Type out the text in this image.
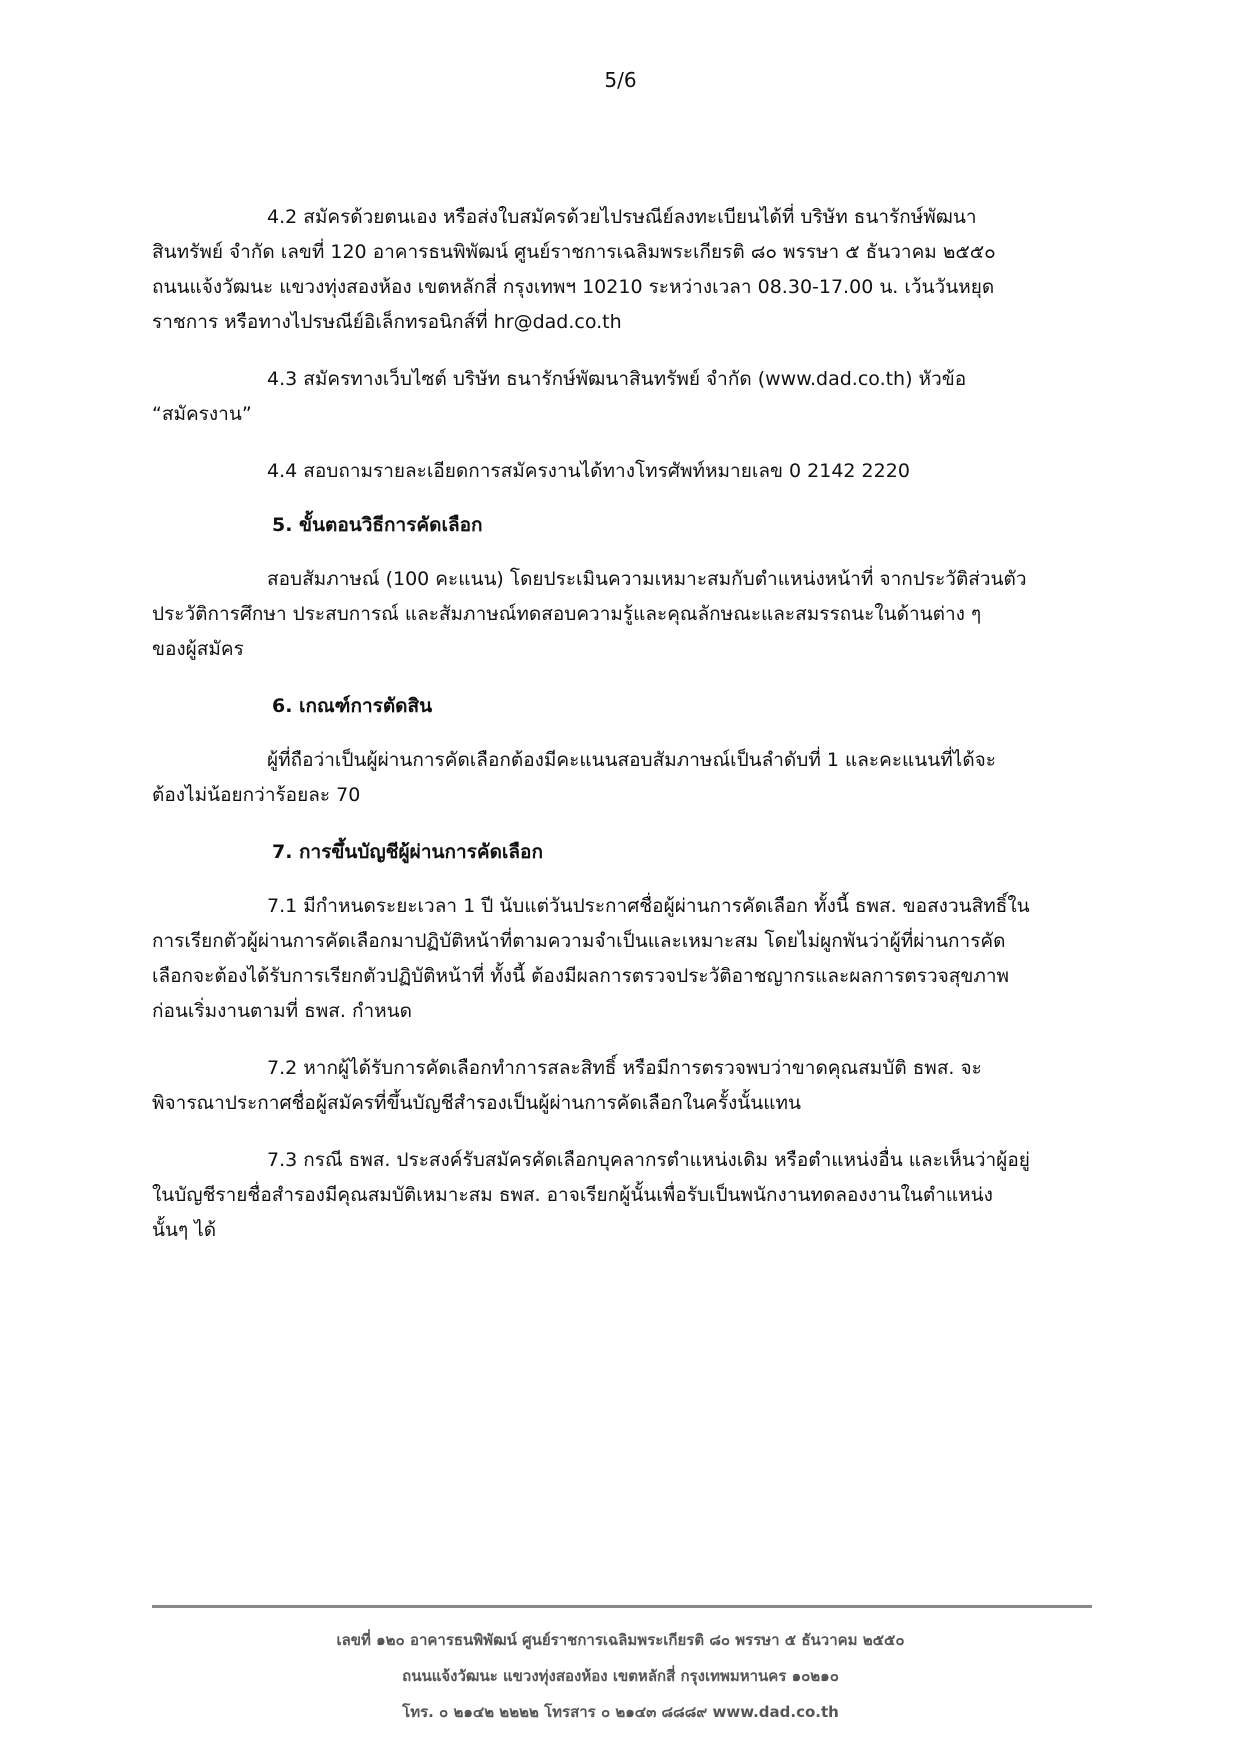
5/6

4.2 สมัครด้วยตนเอง หรือส่งใบสมัครด้วยไปรษณีย์ลงทะเบียนได้ที่ บริษัท ธนารักษ์พัฒนา

สินทรัพย์ จำกัด เลขที่ 120 อาคารธนพิพัฒน์ ศูนย์ราชการเฉลิมพระเกียรติ ๘๐ พรรษา ๕ ธันวาคม ๒๕๕๐

ถนนแจ้งวัฒนะ แขวงทุ่งสองห้อง เขตหลักสี่ กรุงเทพฯ 10210 ระหว่างเวลา 08.30-17.00 น. เว้นวันหยุด

ราชการ หรือทางไปรษณีย์อิเล็กทรอนิกส์ที่ hr@dad.co.th

4.3 สมัครทางเว็บไซต์ บริษัท ธนารักษ์พัฒนาสินทรัพย์ จำกัด (www.dad.co.th) หัวข้อ

“สมัครงาน”

4.4 สอบถามรายละเอียดการสมัครงานได้ทางโทรศัพท์หมายเลข 0 2142 2220

5. ขั้นตอนวิธีการคัดเลือก

สอบสัมภาษณ์ (100 คะแนน) โดยประเมินความเหมาะสมกับตำแหน่งหน้าที่ จากประวัติส่วนตัว

ประวัติการศึกษา ประสบการณ์ และสัมภาษณ์ทดสอบความรู้และคุณลักษณะและสมรรถนะในด้านต่าง ๆ

ของผู้สมัคร

6. เกณฑ์การตัดสิน

ผู้ที่ถือว่าเป็นผู้ผ่านการคัดเลือกต้องมีคะแนนสอบสัมภาษณ์เป็นลำดับที่ 1 และคะแนนที่ได้จะ

ต้องไม่น้อยกว่าร้อยละ 70

7. การขึ้นบัญชีผู้ผ่านการคัดเลือก

7.1 มีกำหนดระยะเวลา 1 ปี นับแต่วันประกาศชื่อผู้ผ่านการคัดเลือก ทั้งนี้ ธพส. ขอสงวนสิทธิ์ใน

การเรียกตัวผู้ผ่านการคัดเลือกมาปฏิบัติหน้าที่ตามความจำเป็นและเหมาะสม โดยไม่ผูกพันว่าผู้ที่ผ่านการคัด

เลือกจะต้องได้รับการเรียกตัวปฏิบัติหน้าที่ ทั้งนี้ ต้องมีผลการตรวจประวัติอาชญากรและผลการตรวจสุขภาพ

ก่อนเริ่มงานตามที่ ธพส. กำหนด

7.2 หากผู้ได้รับการคัดเลือกทำการสละสิทธิ์ หรือมีการตรวจพบว่าขาดคุณสมบัติ ธพส. จะ

พิจารณาประกาศชื่อผู้สมัครที่ขึ้นบัญชีสำรองเป็นผู้ผ่านการคัดเลือกในครั้งนั้นแทน

7.3 กรณี ธพส. ประสงค์รับสมัครคัดเลือกบุคลากรตำแหน่งเดิม หรือตำแหน่งอื่น และเห็นว่าผู้อยู่

ในบัญชีรายชื่อสำรองมีคุณสมบัติเหมาะสม ธพส. อาจเรียกผู้นั้นเพื่อรับเป็นพนักงานทดลองงานในตำแหน่ง

นั้นๆ ได้

เลขที่ ๑๒๐ อาคารธนพิพัฒน์ ศูนย์ราชการเฉลิมพระเกียรติ ๘๐ พรรษา ๕ ธันวาคม ๒๕๕๐
ถนนแจ้งวัฒนะ แขวงทุ่งสองห้อง เขตหลักสี่ กรุงเทพมหานคร ๑๐๒๑๐
โทร. ๐ ๒๑๔๒ ๒๒๒๒ โทรสาร ๐ ๒๑๔๓ ๘๘๘๙ www.dad.co.th
